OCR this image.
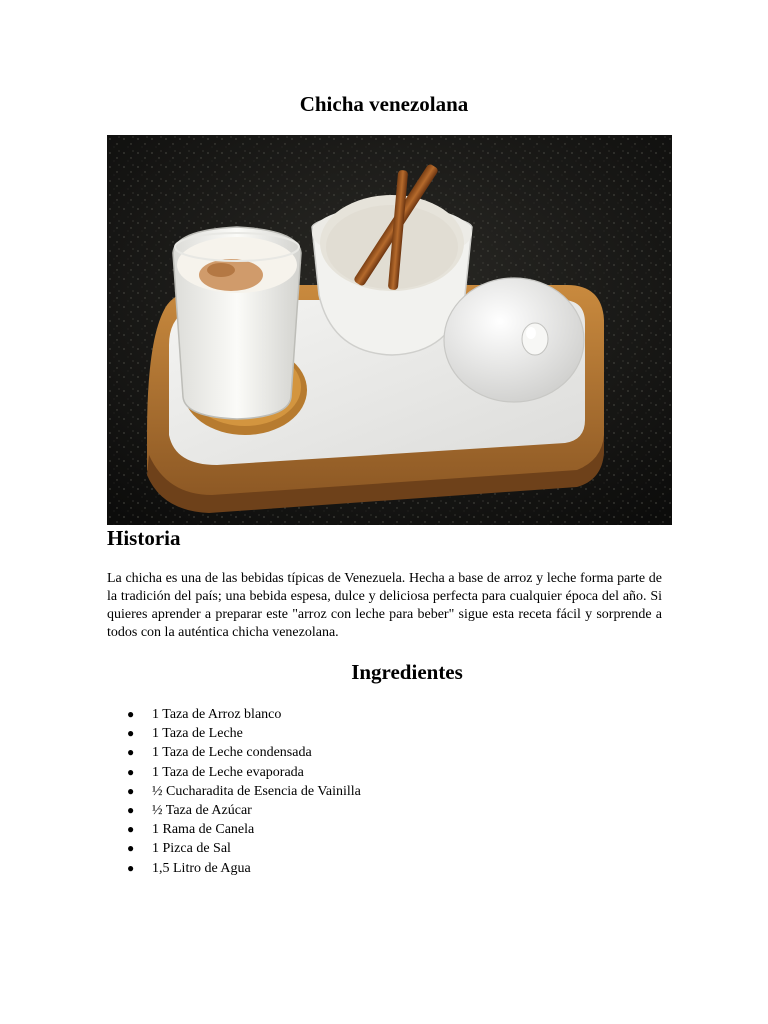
Chicha venezolana
Historia

La chicha es una de las bebidas típicas de Venezuela. Hecha a base de arroz y leche forma parte de la tradición del país; una bebida espesa, dulce y deliciosa perfecta para cualquier época del año. Si quieres aprender a preparar este "arroz con leche para beber" sigue esta receta fácil y sorprende a todos con la auténtica chicha venezolana.

Ingredientes
● 1 Taza de Arroz blanco
● 1 Taza de Leche
● 1 Taza de Leche condensada
● 1 Taza de Leche evaporada
● ½ Cucharadita de Esencia de Vainilla
● ½ Taza de Azúcar
● 1 Rama de Canela
● 1 Pizca de Sal
● 1,5 Litro de Agua
